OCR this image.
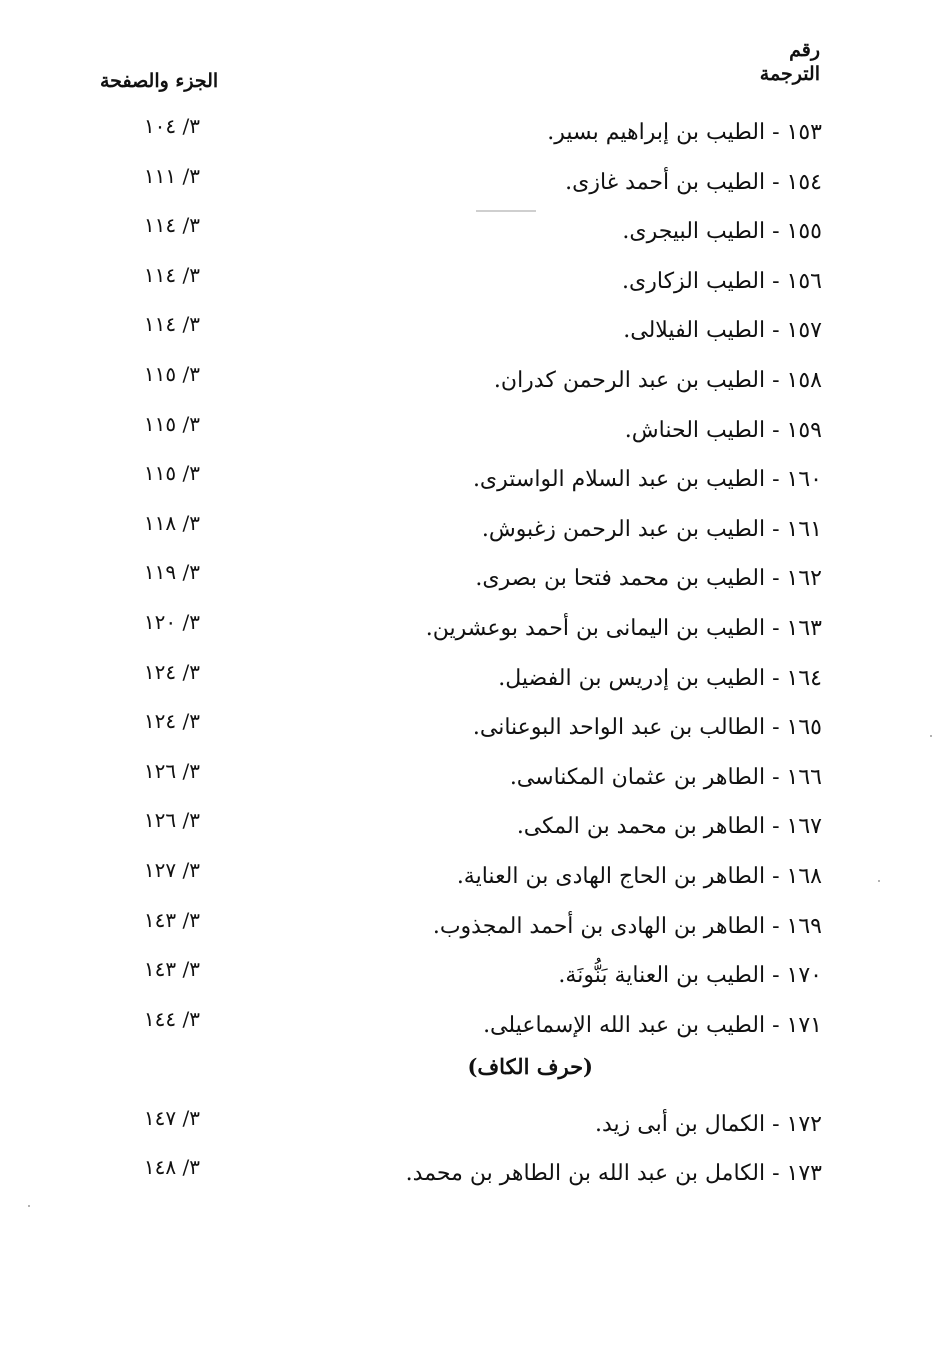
رقم
الترجمة
الجزء والصفحة
١٥٣ - الطيب بن إبراهيم بسير.
٣/ ١٠٤
١٥٤ - الطيب بن أحمد غازى.
٣/ ١١١
١٥٥ - الطيب البيجرى.
٣/ ١١٤
١٥٦ - الطيب الزكارى.
٣/ ١١٤
١٥٧ - الطيب الفيلالى.
٣/ ١١٤
١٥٨ - الطيب بن عبد الرحمن كدران.
٣/ ١١٥
١٥٩ - الطيب الحناش.
٣/ ١١٥
١٦٠ - الطيب بن عبد السلام الواسترى.
٣/ ١١٥
١٦١ - الطيب بن عبد الرحمن زغبوش.
٣/ ١١٨
١٦٢ - الطيب بن محمد فتحا بن بصرى.
٣/ ١١٩
١٦٣ - الطيب بن اليمانى بن أحمد بوعشرين.
٣/ ١٢٠
١٦٤ - الطيب بن إدريس بن الفضيل.
٣/ ١٢٤
١٦٥ - الطالب بن عبد الواحد البوعنانى.
٣/ ١٢٤
١٦٦ - الطاهر بن عثمان المكناسى.
٣/ ١٢٦
١٦٧ - الطاهر بن محمد بن المكى.
٣/ ١٢٦
١٦٨ - الطاهر بن الحاج الهادى بن العناية.
٣/ ١٢٧
١٦٩ - الطاهر بن الهادى بن أحمد المجذوب.
٣/ ١٤٣
١٧٠ - الطيب بن العناية بَنُّونَة.
٣/ ١٤٣
١٧١ - الطيب بن عبد الله الإسماعيلى.
٣/ ١٤٤
(حرف الكاف)
١٧٢ - الكمال بن أبى زيد.
٣/ ١٤٧
١٧٣ - الكامل بن عبد الله بن الطاهر بن محمد.
٣/ ١٤٨
